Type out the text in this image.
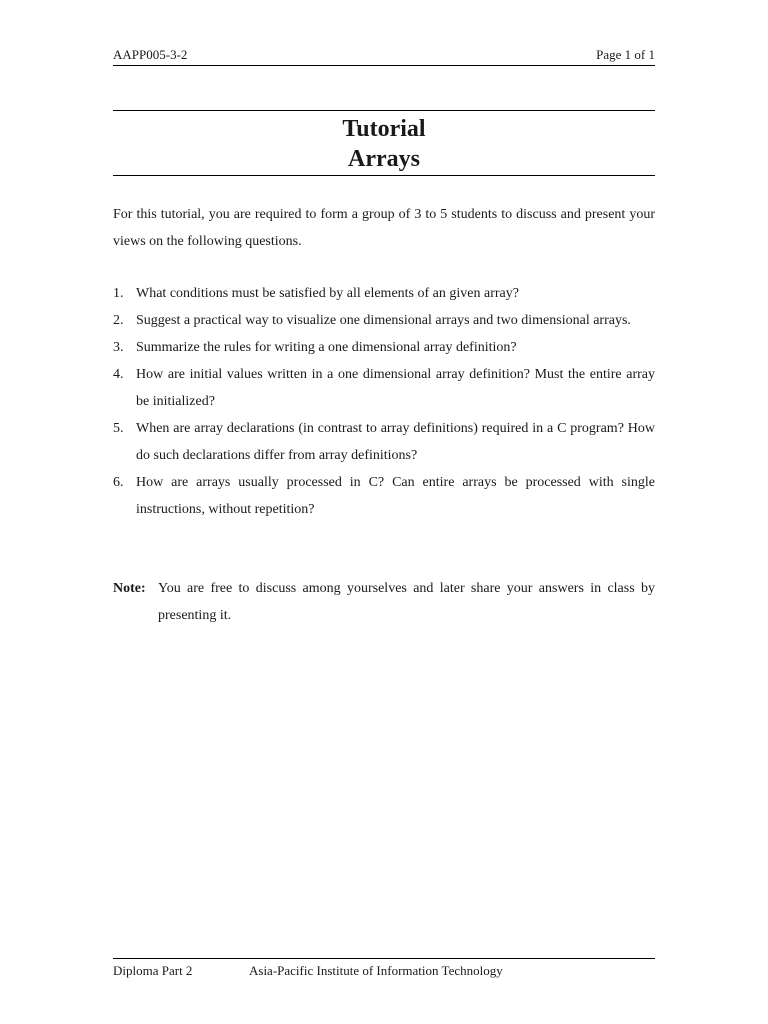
AAPP005-3-2	Page 1 of 1
Tutorial
Arrays
For this tutorial, you are required to form a group of 3 to 5 students to discuss and present your views on the following questions.
1. What conditions must be satisfied by all elements of an given array?
2. Suggest a practical way to visualize one dimensional arrays and two dimensional arrays.
3. Summarize the rules for writing a one dimensional array definition?
4. How are initial values written in a one dimensional array definition? Must the entire array be initialized?
5. When are array declarations (in contrast to array definitions) required in a C program? How do such declarations differ from array definitions?
6. How are arrays usually processed in C? Can entire arrays be processed with single instructions, without repetition?
Note: You are free to discuss among yourselves and later share your answers in class by presenting it.
Diploma Part 2	Asia-Pacific Institute of Information Technology
